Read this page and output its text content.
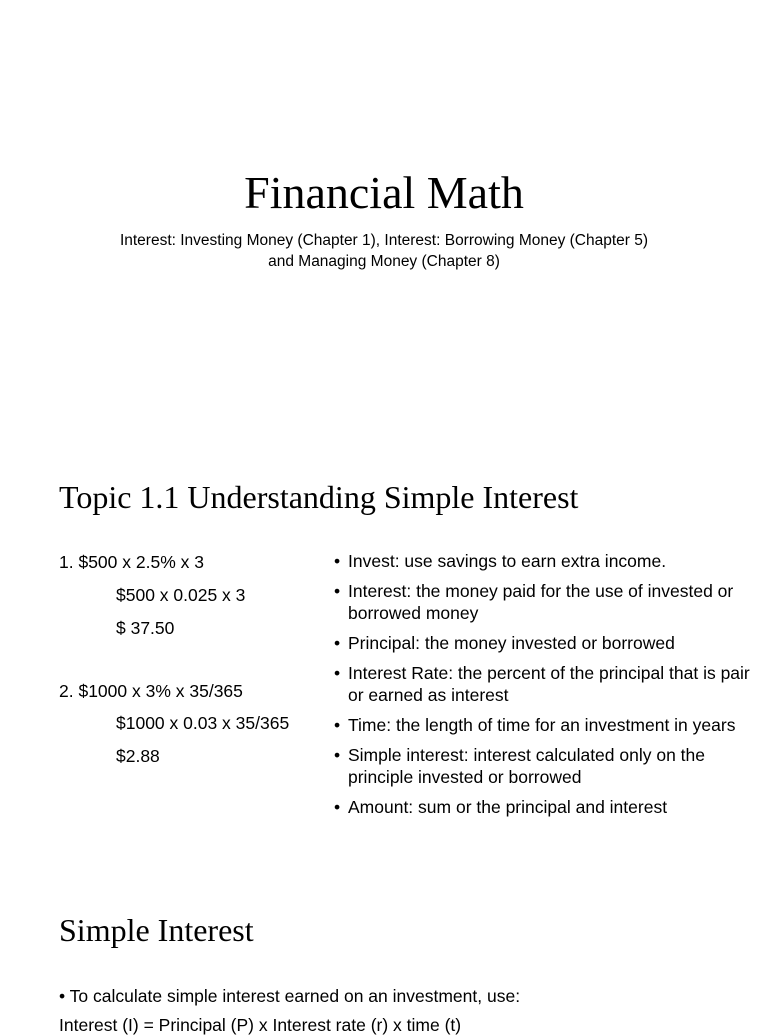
Financial Math
Interest: Investing Money (Chapter 1), Interest: Borrowing Money (Chapter 5) and Managing Money (Chapter 8)
Topic 1.1 Understanding Simple Interest
1. $500 x 2.5% x 3
$500 x 0.025 x 3
$ 37.50
2. $1000 x 3% x 35/365
$1000 x 0.03 x 35/365
$2.88
• Invest: use savings to earn extra income.
• Interest: the money paid for the use of invested or borrowed money
• Principal: the money invested or borrowed
• Interest Rate: the percent of the principal that is pair or earned as interest
• Time: the length of time for an investment in years
• Simple interest: interest calculated only on the principle invested or borrowed
• Amount: sum or the principal and interest
Simple Interest
• To calculate simple interest earned on an investment, use:
Interest (I) = Principal (P) x Interest rate (r) x time (t)
